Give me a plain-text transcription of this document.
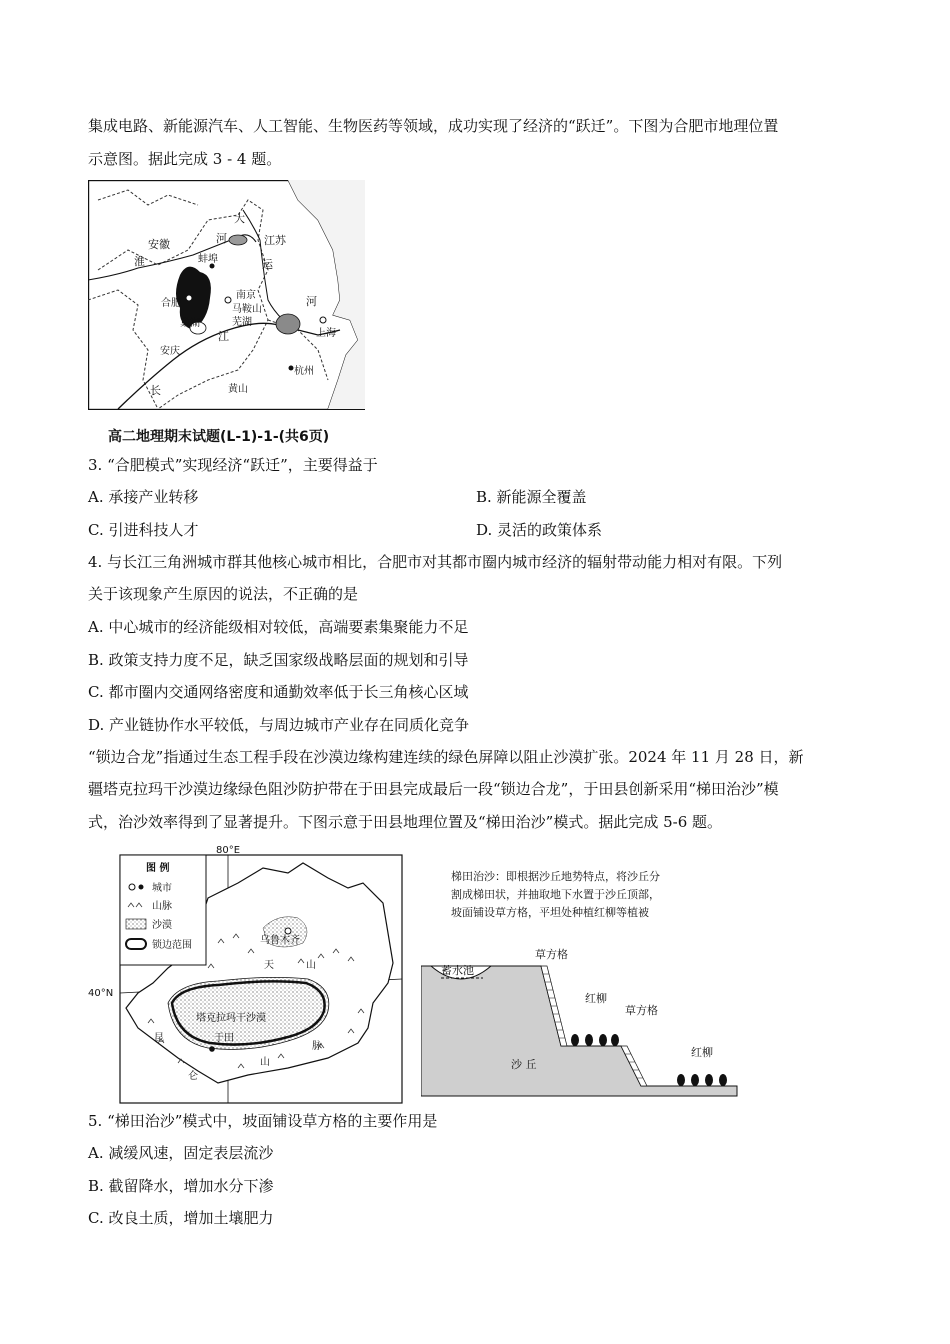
集成电路、新能源汽车、人工智能、生物医药等领域，成功实现了经济的“跃迁”。下图为合肥市地理位置
示意图。据此完成 3 - 4 题。
大
河
安徽	江苏
淮	蚌埠	运
合肥
南京
马鞍山
芜湖
巢湖
河
上海
江
安庆
杭州
黄山
长
高二地理期末试题(L-1)-1-(共6页)
3. “合肥模式”实现经济“跃迁”，主要得益于
A. 承接产业转移	B. 新能源全覆盖
C. 引进科技人才	D. 灵活的政策体系
4. 与长江三角洲城市群其他核心城市相比，合肥市对其都市圈内城市经济的辐射带动能力相对有限。下列
关于该现象产生原因的说法，不正确的是
A. 中心城市的经济能级相对较低，高端要素集聚能力不足
B. 政策支持力度不足，缺乏国家级战略层面的规划和引导
C. 都市圈内交通网络密度和通勤效率低于长三角核心区域
D. 产业链协作水平较低，与周边城市产业存在同质化竞争
“锁边合龙”指通过生态工程手段在沙漠边缘构建连续的绿色屏障以阻止沙漠扩张。2024 年 11 月 28 日，新
疆塔克拉玛干沙漠边缘绿色阻沙防护带在于田县完成最后一段“锁边合龙”，于田县创新采用“梯田治沙”模
式，治沙效率得到了显著提升。下图示意于田县地理位置及“梯田治沙”模式。据此完成 5-6 题。
80°E
40°N
图 例
城市
山脉
沙漠
锁边范围	乌鲁木齐
天	山
塔克拉玛干沙漠
于田
昆
仑
山
脉
梯田治沙：即根据沙丘地势特点，将沙丘分
割成梯田状，并抽取地下水置于沙丘顶部，
坡面铺设草方格，平坦处种植红柳等植被
草方格
蓄水池
红柳
草方格
沙 丘
红柳
5. “梯田治沙”模式中，坡面铺设草方格的主要作用是
A. 减缓风速，固定表层流沙
B. 截留降水，增加水分下渗
C. 改良土质，增加土壤肥力
